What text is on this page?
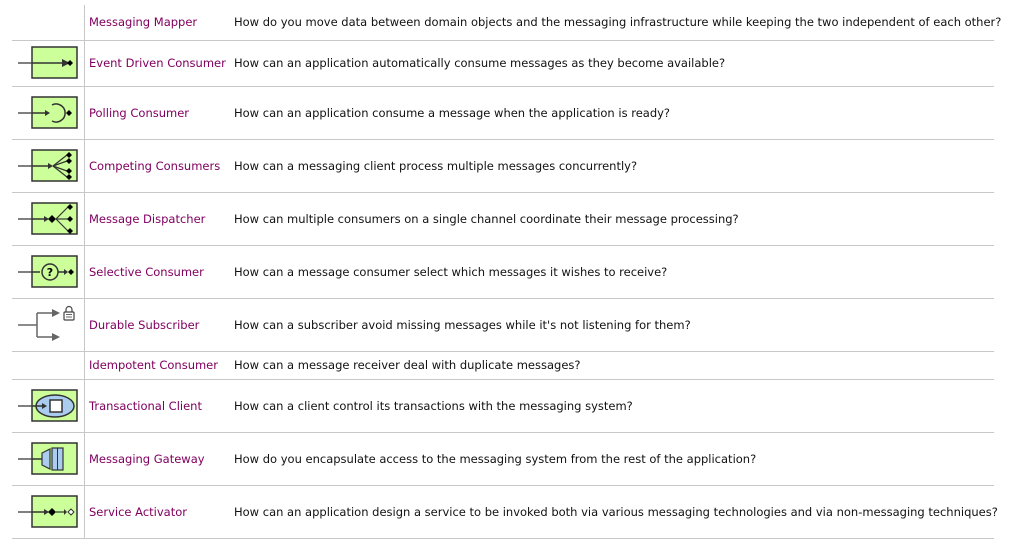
	Messaging Mapper	How do you move data between domain objects and the messaging infrastructure while keeping the two independent of each other?

	Event Driven Consumer	How can an application automatically consume messages as they become available?

	Polling Consumer	How can an application consume a message when the application is ready?

	Competing Consumers	How can a messaging client process multiple messages concurrently?

	Message Dispatcher	How can multiple consumers on a single channel coordinate their message processing?

?	Selective Consumer	How can a message consumer select which messages it wishes to receive?

	Durable Subscriber	How can a subscriber avoid missing messages while it's not listening for them?
	Idempotent Consumer	How can a message receiver deal with duplicate messages?

	Transactional Client	How can a client control its transactions with the messaging system?

	Messaging Gateway	How do you encapsulate access to the messaging system from the rest of the application?

	Service Activator	How can an application design a service to be invoked both via various messaging technologies and via non-messaging techniques?
